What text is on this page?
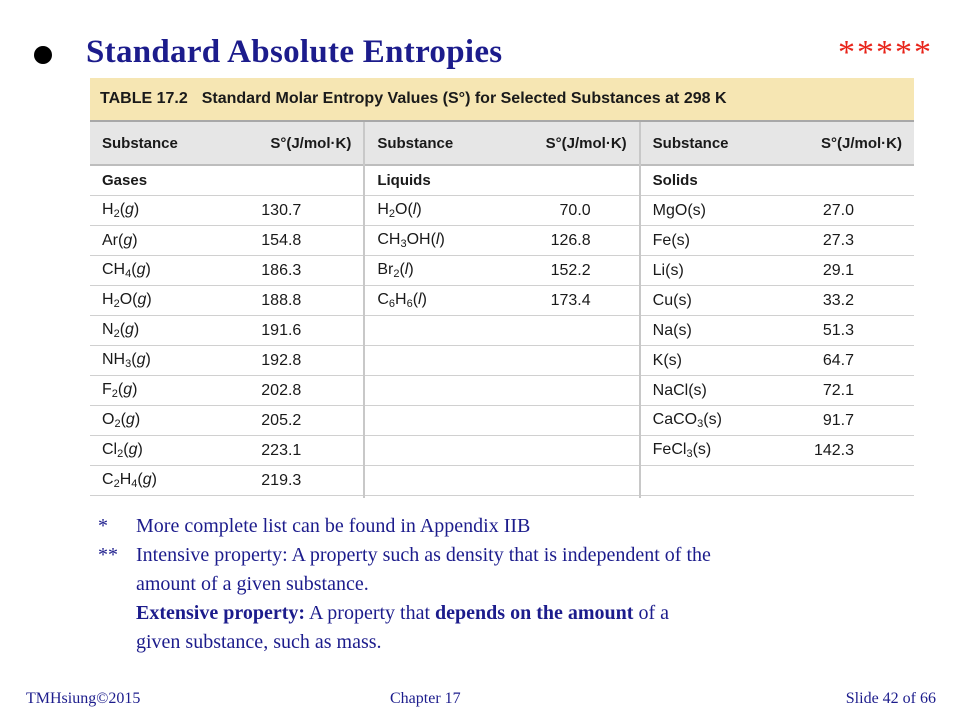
Standard Absolute Entropies	*****
TABLE 17.2 Standard Molar Entropy Values (S°) for Selected Substances at 298 K
Substance	S°(J/mol·K)
Gases
$H_2(g)$	130.7
Ar(g)	154.8
$CH_4(g)$	186.3
$H_2O(g)$	188.8
$N_2(g)$	191.6
$NH_3(g)$	192.8
$F_2(g)$	202.8
$O_2(g)$	205.2
$Cl_2(g)$	223.1
$C_2H_4(g)$	219.3
Substance	S°(J/mol·K)
Liquids
$H_2O(l)$	70.0
$CH_3OH(l)$	126.8
$Br_2(l)$	152.2
$C_6H_6(l)$	173.4
Substance	S°(J/mol·K)
Solids
MgO(s)	27.0
Fe(s)	27.3
Li(s)	29.1
Cu(s)	33.2
Na(s)	51.3
K(s)	64.7
NaCl(s)	72.1
CaCO$_3$(s)	91.7
FeCl$_3$(s)	142.3
*	More complete list can be found in Appendix IIB
** Intensive property: A property such as density that is independent of the
amount of a given substance.
Extensive property: A property that depends on the amount of a
given substance, such as mass.
TMHsiung©2015	Chapter 17	Slide 42 of 66
